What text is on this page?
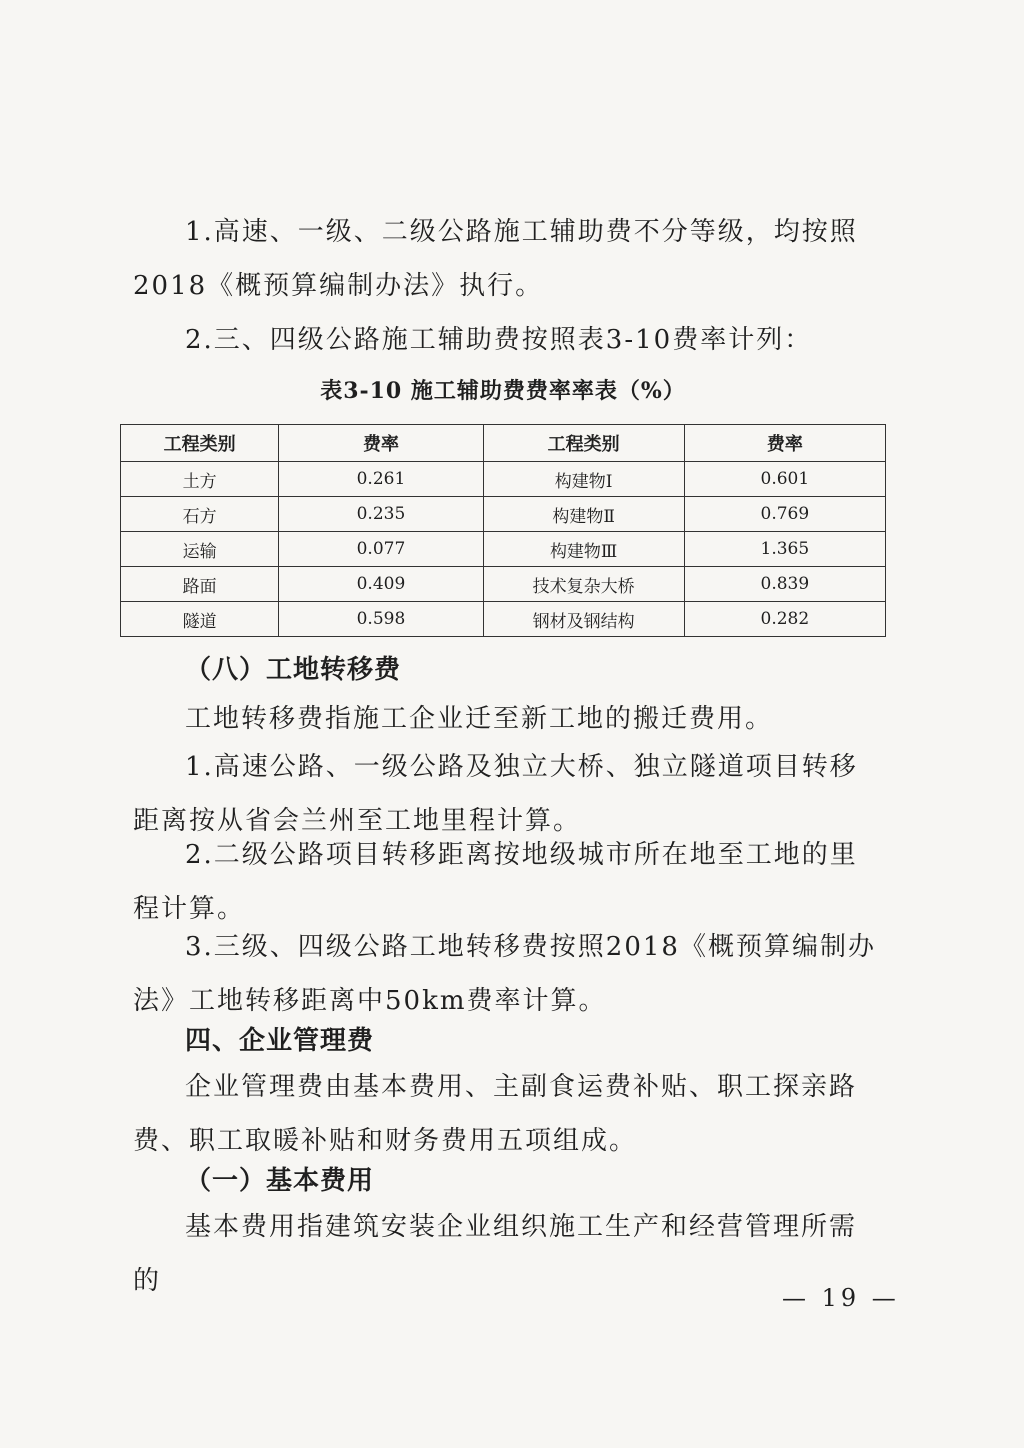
1.高速、一级、二级公路施工辅助费不分等级，均按照2018《概预算编制办法》执行。

2.三、四级公路施工辅助费按照表3-10费率计列：

表3-10 施工辅助费费率率表（%）
工程类别	费率	工程类别	费率
土方	0.261	构建物Ⅰ	0.601
石方	0.235	构建物Ⅱ	0.769
运输	0.077	构建物Ⅲ	1.365
路面	0.409	技术复杂大桥	0.839
隧道	0.598	钢材及钢结构	0.282

（八）工地转移费

工地转移费指施工企业迁至新工地的搬迁费用。

1.高速公路、一级公路及独立大桥、独立隧道项目转移距离按从省会兰州至工地里程计算。

2.二级公路项目转移距离按地级城市所在地至工地的里程计算。

3.三级、四级公路工地转移费按照2018《概预算编制办法》工地转移距离中50km费率计算。

四、企业管理费

企业管理费由基本费用、主副食运费补贴、职工探亲路费、职工取暖补贴和财务费用五项组成。

（一）基本费用

基本费用指建筑安装企业组织施工生产和经营管理所需的

— 19 —
